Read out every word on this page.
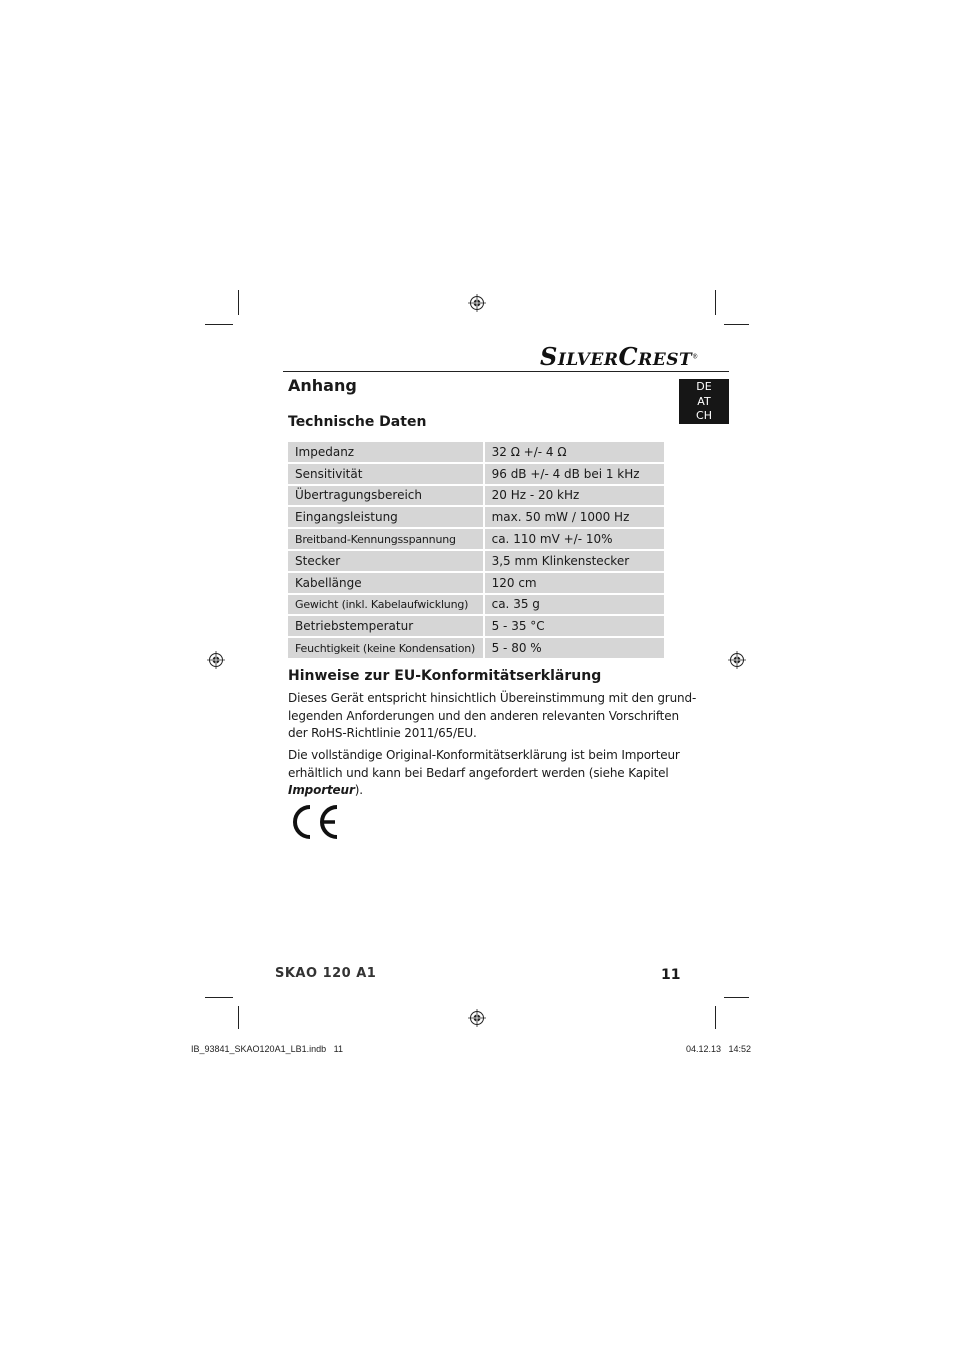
SILVERCREST®
DE
AT
CH
Anhang
Technische Daten
Impedanz	32 Ω +/- 4 Ω
Sensitivität	96 dB +/- 4 dB bei 1 kHz
Übertragungsbereich	20 Hz - 20 kHz
Eingangsleistung	max. 50 mW / 1000 Hz
Breitband-Kennungsspannung	ca. 110 mV +/- 10%
Stecker	3,5 mm Klinkenstecker
Kabellänge	120 cm
Gewicht (inkl. Kabelaufwicklung)	ca. 35 g
Betriebstemperatur	5 - 35 °C
Feuchtigkeit (keine Kondensation)	5 - 80 %
Hinweise zur EU-Konformitätserklärung

Dieses Gerät entspricht hinsichtlich Übereinstimmung mit den grund-
legenden Anforderungen und den anderen relevanten Vorschriften
der RoHS-Richtlinie 2011/65/EU.

Die vollständige Original-Konformitätserklärung ist beim Importeur
erhältlich und kann bei Bedarf angefordert werden (siehe Kapitel
Importeur).

SKAO 120 A1	11
IB_93841_SKAO120A1_LB1.indb   11	04.12.13   14:52
